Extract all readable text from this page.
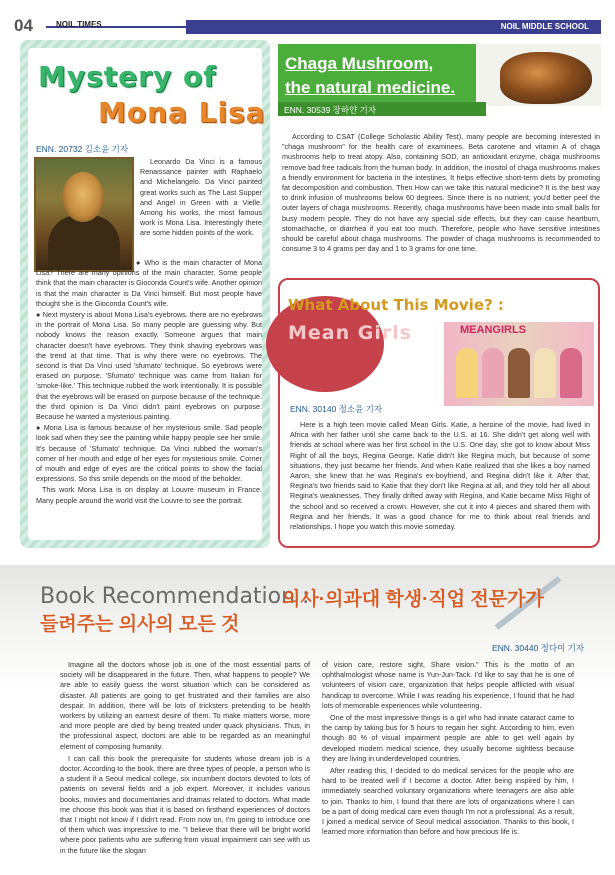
04	NOIL TIMES	NOIL MIDDLE SCHOOL
Mystery of
Mona Lisa
ENN. 20732 김소윤 기자

Leonardo Da Vinci is a famous Renaissance painter with Raphaelo and Michelangelo. Da Vinci painted great works such as The Last Supper and Angel in Green with a Vielle. Among his works, the most famous work is Mona Lisa. Interestingly there are some hidden points of the work.

● Who is the main character of Mona Lisa? There are many opinions of the main character. Some people think that the main character is Gioconda Count's wife. Another opinion is that the main character is Da Vinci himself. But most people have thought she is the Gioconda Count's wife.

● Next mystery is about Mona Lisa's eyebrows. there are no eyebrows in the portrait of Mona Lisa. So many people are guessing why. But nobody knows the reason exactly. Someone argues that main character doesn't have eyebrows. They think shaving eyebrows was the trend at that time. That is why there were no eyebrows. The second is that Da Vinci used 'sfumato' technique. So eyebrows were erased on purpose. 'Sfumato' technique was came from Italian for 'smoke-like.' This technique rubbed the work intentionally. It is possible that the eyebrows will be erased on purpose because of the technique. the third opinion is Da Vinci didn't paint eyebrows on purpose. Because he wanted a mysterious painting.

● Mona Lisa is famous because of her mysterious smile. Sad people look sad when they see the painting while happy people see her smile. It's because of 'Sfumato' technique. Da Vinci rubbed the woman's corner of her mouth and edge of her eyes for mysterious smile. Corner of mouth and edge of eyes are the critical points to show the facial expressions. So this smile depends on the mood of the beholder.

This work Mona Lisa is on display at Louvre museum in France. Many people around the world visit the Louvre to see the portrait.

Chaga Mushroom,
the natural medicine.
ENN. 30539 장하얀 기자
According to CSAT (College Scholastic Ability Test), many people are becoming interested in "chaga mushroom" for the health care of examinees. Beta carotene and vitamin A of chaga mushrooms help to treat atopy. Also, containing SOD, an antioxidant enzyme, chaga mushrooms remove bad free radicals from the human body. In addition, the inositol of chaga mushrooms makes a friendly environment for bacteria in the intestines. It helps effective short-term diets by promoting fat decomposition and combustion. Then How can we take this natural medicine? It is the best way to drink infusion of mushrooms below 60 degrees. Since there is no nutrient, you'd better peel the outer layers of chaga mushrooms. Recently, chaga mushrooms have been made into small balls for busy modern people. They do not have any special side effects, but they can cause heartburn, stomachache, or diarrhea if you eat too much. Therefore, people who have sensitive intestines should be careful about chaga mushrooms. The powder of chaga mushrooms is recommended to consume 3 to 4 grams per day and 1 to 3 grams for one time.
What About This Movie? :
Mean Girls	MEANGIRLS
ENN. 30140 정소윤 기자
Here is a high teen movie called Mean Girls. Katie, a heroine of the movie, had lived in Africa with her father until she came back to the U.S. at 16. She didn't get along well with friends at school where was her first school in the U.S. One day, she got to know about Miss Right of all the boys, Regina George. Katie didn't like Regina much, but because of some situations, they just became her friends. And when Katie realized that she likes a boy named Aaron, she knew that he was Regina's ex-boyfriend, and Regina didn't like it. After that, Regina's two friends said to Katie that they don't like Regina at all, and they told her all about Regina's weaknesses. They finally drifted away with Regina, and Katie became Miss Right of the school and so received a crown. However, she cut it into 4 pieces and shared them with Regina and her friends. It was a good chance for me to think about real friends and relationships. I hope you watch this movie someday.
Book Recommendation :
의사·의과대 학생·직업 전문가가
들려주는 의사의 모든 것
ENN. 30440 정다미 기자

Imagine all the doctors whose job is one of the most essential parts of society will be disappeared in the future. Then, what happens to people? We are able to easily guess the worst situation which can be considered as disaster. All patients are going to get frustrated and their families are also despair. In addition, there will be lots of tricksters pretending to be health workers by utilizing an earnest desire of them. To make matters worse, more and more people are died by being treated under quack physicians. Thus, in the professional aspect, doctors are able to be regarded as an meaningful element of composing humanity.

I can call this book the prerequisite for students whose dream job is a doctor. According to the book, there are three types of people, a person who is a student if a Seoul medical college, six incumbent doctors devoted to lots of patients on several fields and a job expert. Moreover, it includes various books, movies and documentaries and dramas related to doctors. What made me choose this book was that it is based on firsthand experiences of doctors that I might not know if I didn't read. From now on, I'm going to introduce one of them which was impressive to me. "I believe that there will be bright world where poor patients who are suffering from visual impairment can see with us in the future like the slogan

of vision care, restore sight, Share vision." This is the motto of an ophthalmologist whose name is Yun-Jun-Tack. I'd like to say that he is one of volunteers of vision care, organization that helps people afflicted with visual handicap to overcome. While I was reading his experience, I found that he had lots of memorable experiences while volunteering.

One of the most impressive things is a girl who had innate cataract came to the camp by taking bus for 5 hours to regain her sight. According to him, even though 80 % of visual impairment people are able to get well again by developed modern medical science, they usually become sightless because they are living in underdeveloped countries.

After reading this, I decided to do medical services for the people who are hard to be treated well if I become a doctor. After being inspired by him, I immediately searched voluntary organizations where teenagers are also able to join. Thanks to him, I found that there are lots of organizations where I can be a part of doing medical care even though I'm not a professional. As a result, I joined a medical service of Seoul medical association. Thanks to this book, I learned more information than before and how precious life is.
